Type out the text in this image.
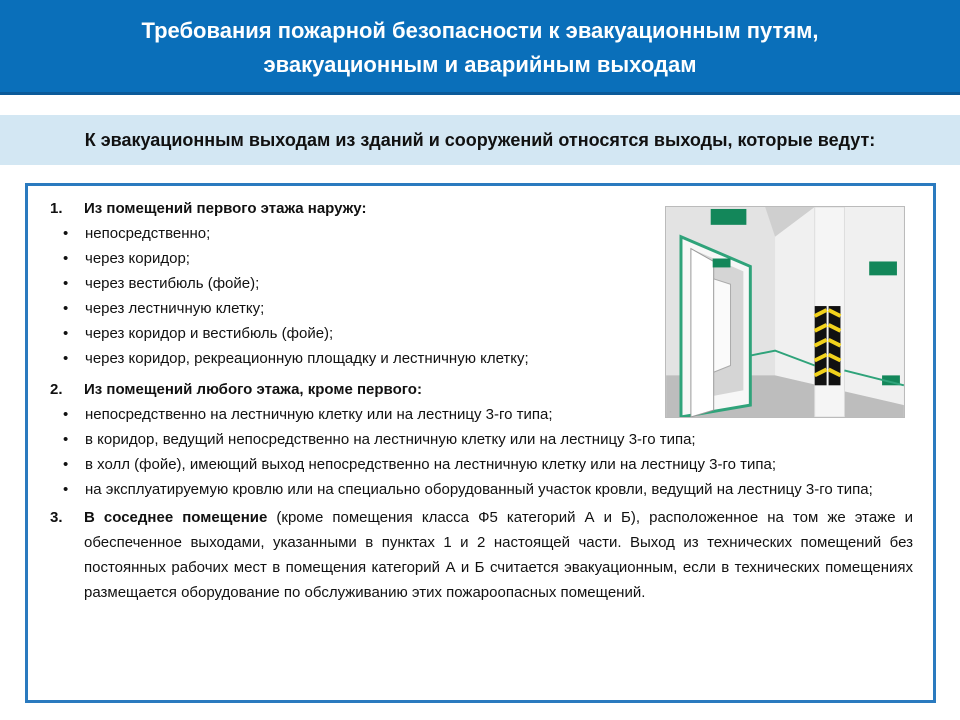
Требования пожарной безопасности к эвакуационным путям,
эвакуационным и аварийным выходам
К эвакуационным выходам из зданий и сооружений относятся выходы, которые ведут:
1.	Из помещений первого этажа наружу:
•	непосредственно;
•	через коридор;
•	через вестибюль (фойе);
•	через лестничную клетку;
•	через коридор и вестибюль (фойе);
•	через коридор, рекреационную площадку и лестничную клетку;
2.	Из помещений любого этажа, кроме первого:
•	непосредственно на лестничную клетку или на лестницу 3-го типа;
•	в коридор, ведущий непосредственно на лестничную клетку или на лестницу 3-го типа;
•	в холл (фойе), имеющий выход непосредственно на лестничную клетку или на лестницу 3-го типа;
•	на эксплуатируемую кровлю или на специально оборудованный участок кровли, ведущий на лестницу 3-го типа;
3.	В соседнее помещение (кроме помещения класса Ф5 категорий А и Б), расположенное на том же этаже и обеспеченное выходами, указанными в пунктах 1 и 2 настоящей части. Выход из технических помещений без постоянных рабочих мест в помещения категорий А и Б считается эвакуационным, если в технических помещениях размещается оборудование по обслуживанию этих пожароопасных помещений.
